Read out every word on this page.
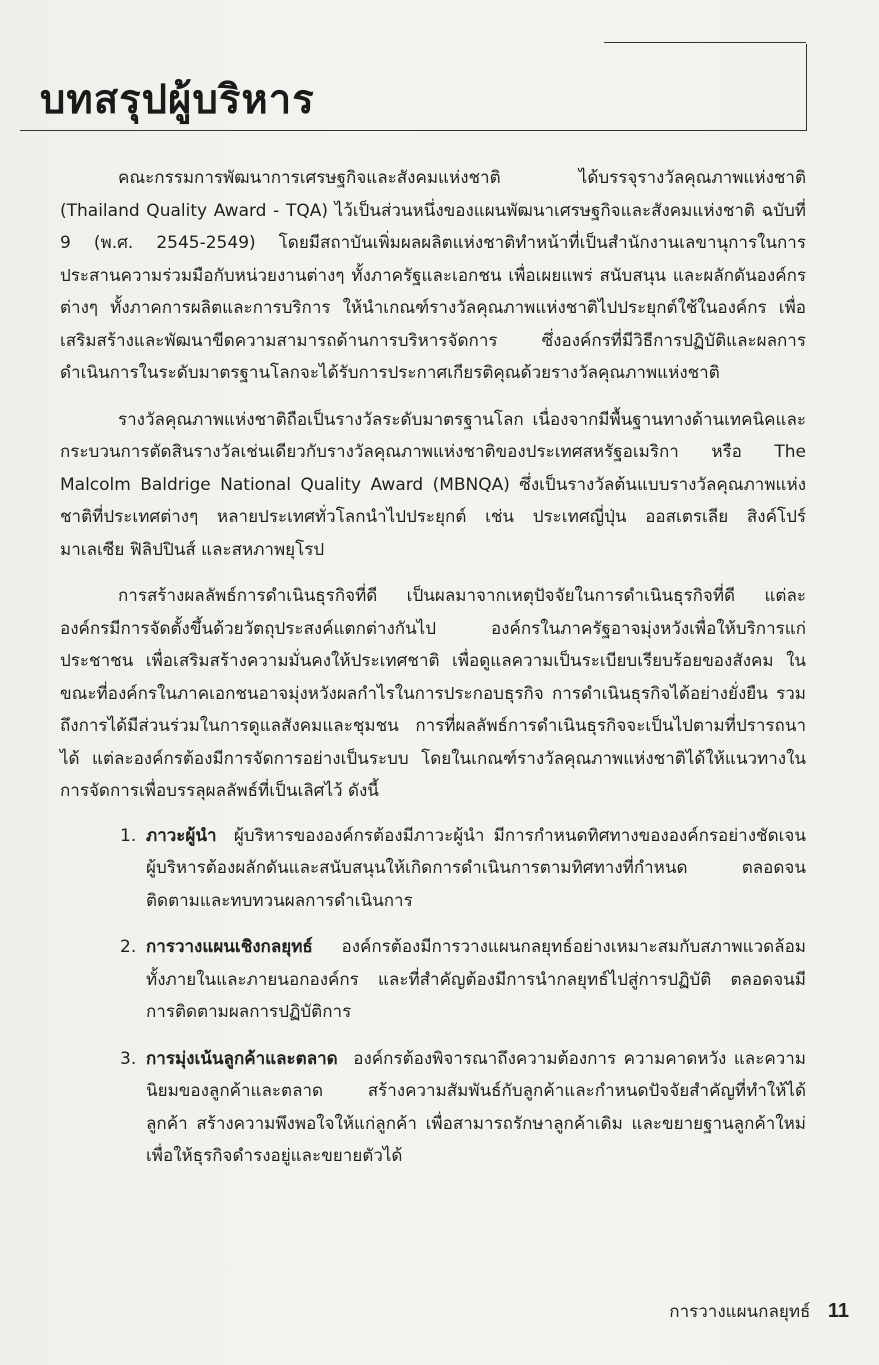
บทสรุปผู้บริหาร

คณะกรรมการพัฒนาการเศรษฐกิจและสังคมแห่งชาติ ได้บรรจุรางวัลคุณภาพแห่งชาติ (Thailand Quality Award - TQA) ไว้เป็นส่วนหนึ่งของแผนพัฒนาเศรษฐกิจและสังคมแห่งชาติ ฉบับที่ 9 (พ.ศ. 2545-2549) โดยมีสถาบันเพิ่มผลผลิตแห่งชาติทำหน้าที่เป็นสำนักงานเลขานุการในการประสานความร่วมมือกับหน่วยงานต่างๆ ทั้งภาครัฐและเอกชน เพื่อเผยแพร่ สนับสนุน และผลักดันองค์กรต่างๆ ทั้งภาคการผลิตและการบริการ ให้นำเกณฑ์รางวัลคุณภาพแห่งชาติไปประยุกต์ใช้ในองค์กร เพื่อเสริมสร้างและพัฒนาขีดความสามารถด้านการบริหารจัดการ ซึ่งองค์กรที่มีวิธีการปฏิบัติและผลการดำเนินการในระดับมาตรฐานโลกจะได้รับการประกาศเกียรติคุณด้วยรางวัลคุณภาพแห่งชาติ

รางวัลคุณภาพแห่งชาติถือเป็นรางวัลระดับมาตรฐานโลก เนื่องจากมีพื้นฐานทางด้านเทคนิคและกระบวนการตัดสินรางวัลเช่นเดียวกับรางวัลคุณภาพแห่งชาติของประเทศสหรัฐอเมริกา หรือ The Malcolm Baldrige National Quality Award (MBNQA) ซึ่งเป็นรางวัลต้นแบบรางวัลคุณภาพแห่งชาติที่ประเทศต่างๆ หลายประเทศทั่วโลกนำไปประยุกต์ เช่น ประเทศญี่ปุ่น ออสเตรเลีย สิงค์โปร์ มาเลเซีย ฟิลิปปินส์ และสหภาพยุโรป

การสร้างผลลัพธ์การดำเนินธุรกิจที่ดี เป็นผลมาจากเหตุปัจจัยในการดำเนินธุรกิจที่ดี แต่ละองค์กรมีการจัดตั้งขึ้นด้วยวัตถุประสงค์แตกต่างกันไป องค์กรในภาครัฐอาจมุ่งหวังเพื่อให้บริการแก่ประชาชน เพื่อเสริมสร้างความมั่นคงให้ประเทศชาติ เพื่อดูแลความเป็นระเบียบเรียบร้อยของสังคม ในขณะที่องค์กรในภาคเอกชนอาจมุ่งหวังผลกำไรในการประกอบธุรกิจ การดำเนินธุรกิจได้อย่างยั่งยืน รวมถึงการได้มีส่วนร่วมในการดูแลสังคมและชุมชน การที่ผลลัพธ์การดำเนินธุรกิจจะเป็นไปตามที่ปรารถนาได้ แต่ละองค์กรต้องมีการจัดการอย่างเป็นระบบ โดยในเกณฑ์รางวัลคุณภาพแห่งชาติได้ให้แนวทางในการจัดการเพื่อบรรลุผลลัพธ์ที่เป็นเลิศไว้ ดังนี้

1. ภาวะผู้นำ ผู้บริหารขององค์กรต้องมีภาวะผู้นำ มีการกำหนดทิศทางขององค์กรอย่างชัดเจน ผู้บริหารต้องผลักดันและสนับสนุนให้เกิดการดำเนินการตามทิศทางที่กำหนด ตลอดจนติดตามและทบทวนผลการดำเนินการ
2. การวางแผนเชิงกลยุทธ์ องค์กรต้องมีการวางแผนกลยุทธ์อย่างเหมาะสมกับสภาพแวดล้อมทั้งภายในและภายนอกองค์กร และที่สำคัญต้องมีการนำกลยุทธ์ไปสู่การปฏิบัติ ตลอดจนมีการติดตามผลการปฏิบัติการ
3. การมุ่งเน้นลูกค้าและตลาด องค์กรต้องพิจารณาถึงความต้องการ ความคาดหวัง และความนิยมของลูกค้าและตลาด สร้างความสัมพันธ์กับลูกค้าและกำหนดปัจจัยสำคัญที่ทำให้ได้ลูกค้า สร้างความพึงพอใจให้แก่ลูกค้า เพื่อสามารถรักษาลูกค้าเดิม และขยายฐานลูกค้าใหม่ เพื่อให้ธุรกิจดำรงอยู่และขยายตัวได้
การวางแผนกลยุทธ์ 11
